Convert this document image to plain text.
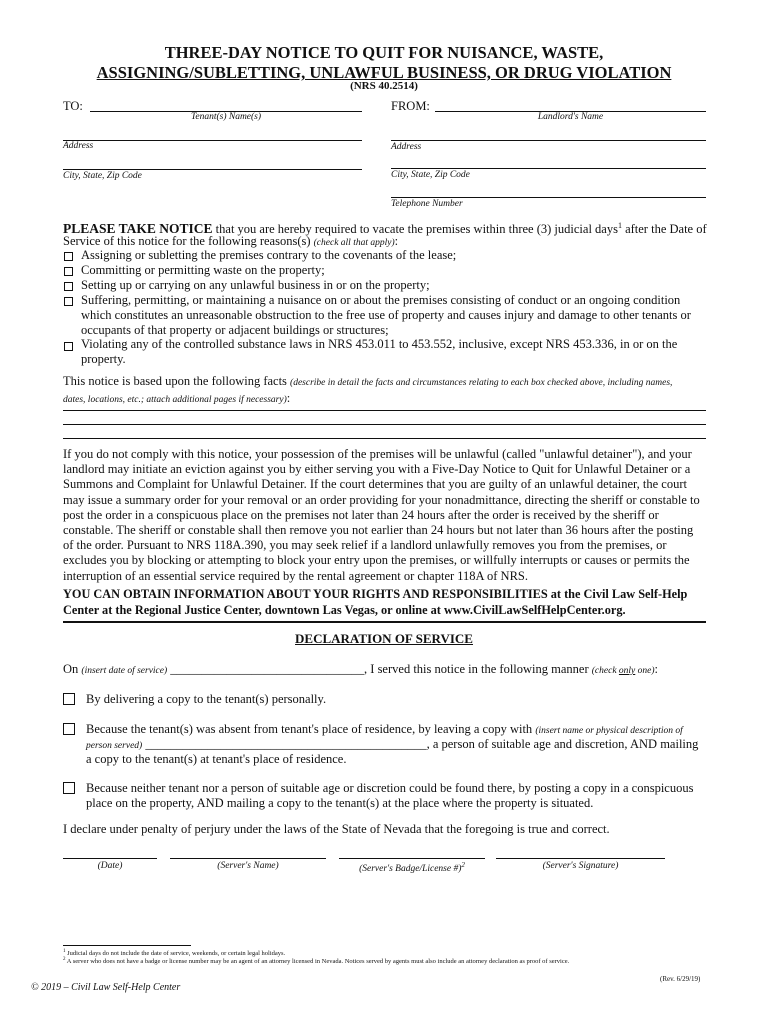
THREE-DAY NOTICE TO QUIT FOR NUISANCE, WASTE,
ASSIGNING/SUBLETTING, UNLAWFUL BUSINESS, OR DRUG VIOLATION
(NRS 40.2514)
TO:
Tenant(s) Name(s)
Address
City, State, Zip Code
FROM:
Landlord's Name
Address
City, State, Zip Code
Telephone Number
PLEASE TAKE NOTICE that you are hereby required to vacate the premises within three (3) judicial days$^1$ after the Date of
Service of this notice for the following reasons(s) (check all that apply):
Assigning or subletting the premises contrary to the covenants of the lease;
Committing or permitting waste on the property;
Setting up or carrying on any unlawful business in or on the property;
Suffering, permitting, or maintaining a nuisance on or about the premises consisting of conduct or an ongoing condition
which constitutes an unreasonable obstruction to the free use of property and causes injury and damage to other tenants or
occupants of that property or adjacent buildings or structures;
Violating any of the controlled substance laws in NRS 453.011 to 453.552, inclusive, except NRS 453.336, in or on the
property.
This notice is based upon the following facts (describe in detail the facts and circumstances relating to each box checked above, including names,
dates, locations, etc.; attach additional pages if necessary):
If you do not comply with this notice, your possession of the premises will be unlawful (called "unlawful detainer"), and your
landlord may initiate an eviction against you by either serving you with a Five-Day Notice to Quit for Unlawful Detainer or a
Summons and Complaint for Unlawful Detainer. If the court determines that you are guilty of an unlawful detainer, the court
may issue a summary order for your removal or an order providing for your nonadmittance, directing the sheriff or constable to
post the order in a conspicuous place on the premises not later than 24 hours after the order is received by the sheriff or
constable. The sheriff or constable shall then remove you not earlier than 24 hours but not later than 36 hours after the posting
of the order. Pursuant to NRS 118A.390, you may seek relief if a landlord unlawfully removes you from the premises, or
excludes you by blocking or attempting to block your entry upon the premises, or willfully interrupts or causes or permits the
interruption of an essential service required by the rental agreement or chapter 118A of NRS.
YOU CAN OBTAIN INFORMATION ABOUT YOUR RIGHTS AND RESPONSIBILITIES at the Civil Law Self-Help
Center at the Regional Justice Center, downtown Las Vegas, or online at www.CivilLawSelfHelpCenter.org.
DECLARATION OF SERVICE
On (insert date of service) _______________________________, I served this notice in the following manner (check only one):
By delivering a copy to the tenant(s) personally.
Because the tenant(s) was absent from tenant's place of residence, by leaving a copy with (insert name or physical description of
person served) _____________________________________________, a person of suitable age and discretion, AND mailing
a copy to the tenant(s) at tenant's place of residence.
Because neither tenant nor a person of suitable age or discretion could be found there, by posting a copy in a conspicuous
place on the property, AND mailing a copy to the tenant(s) at the place where the property is situated.
I declare under penalty of perjury under the laws of the State of Nevada that the foregoing is true and correct.
(Date)	(Server's Name)	(Server's Badge/License #)$^2$	(Server's Signature)
$^1$ Judicial days do not include the date of service, weekends, or certain legal holidays.
$^2$ A server who does not have a badge or license number may be an agent of an attorney licensed in Nevada. Notices served by agents must also include an attorney declaration as proof of service.
(Rev. 6/29/19)
© 2019 – Civil Law Self-Help Center
